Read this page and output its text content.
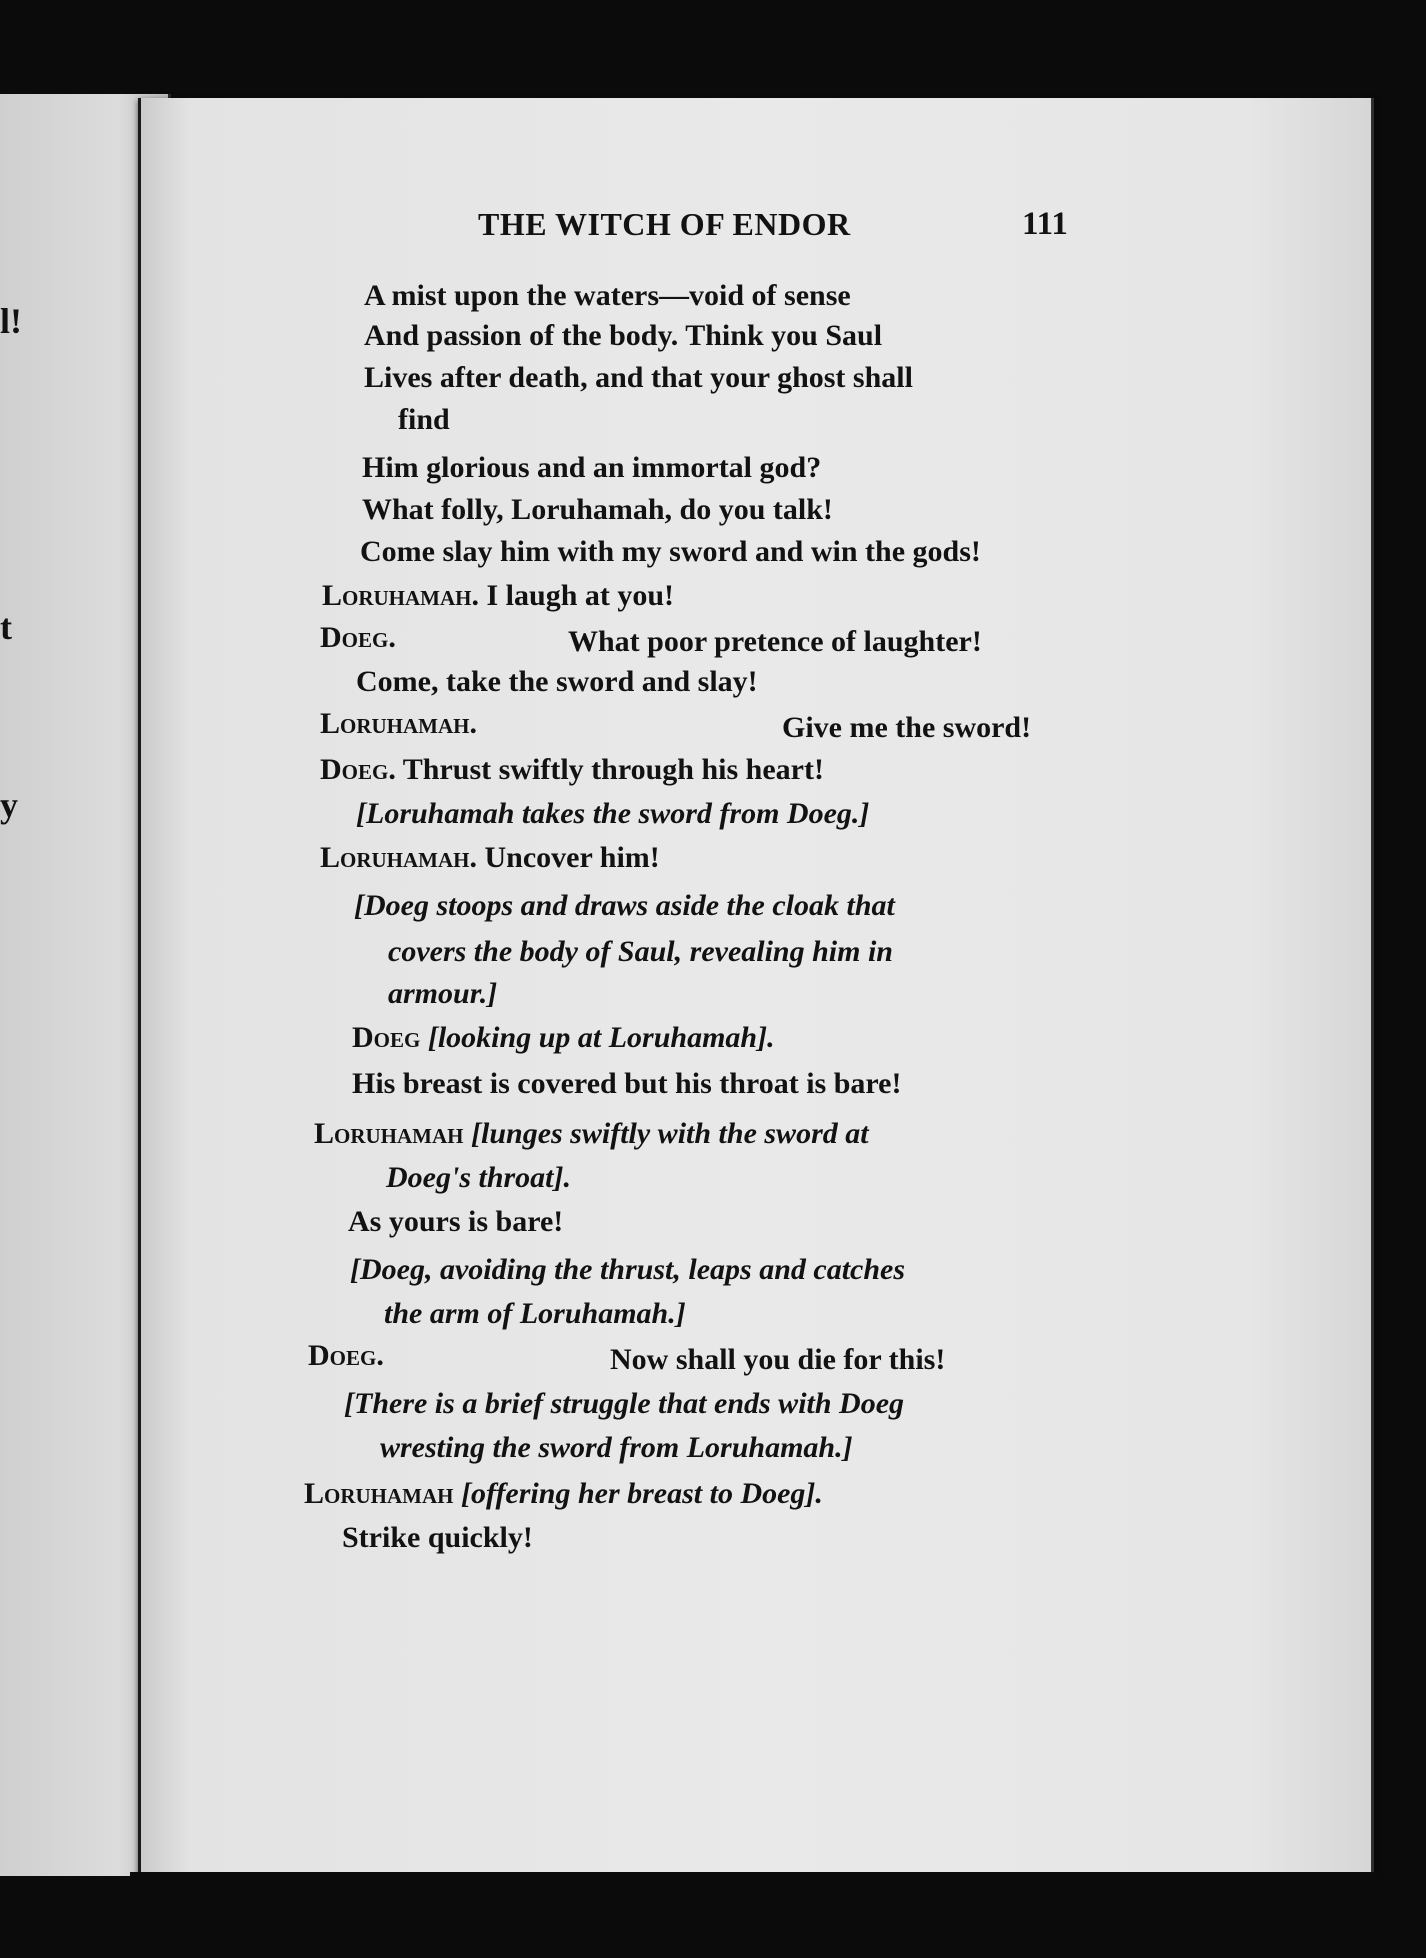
l!
t
y
THE WITCH OF ENDOR	111
A mist upon the waters—void of sense
And passion of the body. Think you Saul
Lives after death, and that your ghost shall
find
Him glorious and an immortal god?
What folly, Loruhamah, do you talk!
Come slay him with my sword and win the gods!
Loruhamah. I laugh at you!
Doeg.	What poor pretence of laughter!
Come, take the sword and slay!
Loruhamah.	Give me the sword!
Doeg. Thrust swiftly through his heart!
[Loruhamah takes the sword from Doeg.]
Loruhamah. Uncover him!
[Doeg stoops and draws aside the cloak that
covers the body of Saul, revealing him in
armour.]
Doeg [looking up at Loruhamah].
His breast is covered but his throat is bare!
Loruhamah [lunges swiftly with the sword at
Doeg's throat].
As yours is bare!
[Doeg, avoiding the thrust, leaps and catches
the arm of Loruhamah.]
Doeg.	Now shall you die for this!
[There is a brief struggle that ends with Doeg
wresting the sword from Loruhamah.]
Loruhamah [offering her breast to Doeg].
Strike quickly!
